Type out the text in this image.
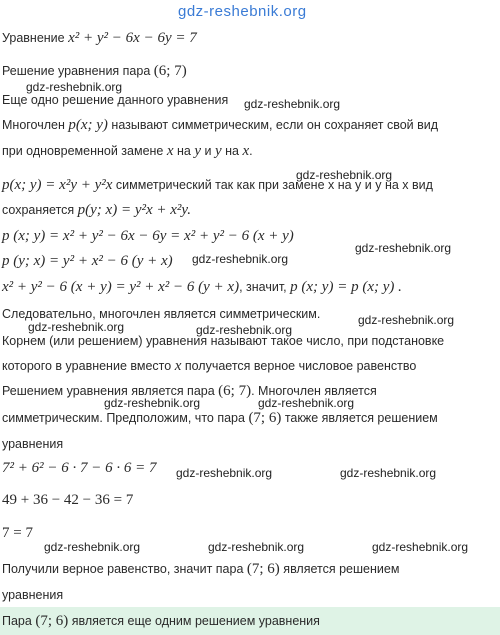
gdz-reshebnik.org
Уравнение x² + y² − 6x − 6y = 7
Решение уравнения пара (6; 7)
gdz-reshebnik.org
Еще одно решение данного уравнения gdz-reshebnik.org
Многочлен p(x; y) называют симметрическим, если он сохраняет свой вид
при одновременной замене x на y и y на x.
gdz-reshebnik.org
p(x; y) = x²y + y²x симметрический так как при замене x на y и y на x вид
сохраняется p(y; x) = y²x + x²y.
p (x; y) = x² + y² − 6x − 6y = x² + y² − 6 (x + y)
gdz-reshebnik.org
p (y; x) = y² + x² − 6 (y + x) gdz-reshebnik.org
x² + y² − 6 (x + y) = y² + x² − 6 (y + x), значит, p (x; y) = p (x; y) .
Следовательно, многочлен является симметрическим.	gdz-reshebnik.org
gdz-reshebnik.org	gdz-reshebnik.org
Корнем (или решением) уравнения называют такое число, при подстановке
которого в уравнение вместо x получается верное числовое равенство
Решением уравнения является пара (6; 7). Многочлен является
gdz-reshebnik.org	gdz-reshebnik.org
симметрическим. Предположим, что пара (7; 6) также является решением
уравнения
7² + 6² − 6 · 7 − 6 · 6 = 7 gdz-reshebnik.org	gdz-reshebnik.org
49 + 36 − 42 − 36 = 7
7 = 7
gdz-reshebnik.org	gdz-reshebnik.org	gdz-reshebnik.org
Получили верное равенство, значит пара (7; 6) является решением
уравнения
Пара (7; 6) является еще одним решением уравнения
